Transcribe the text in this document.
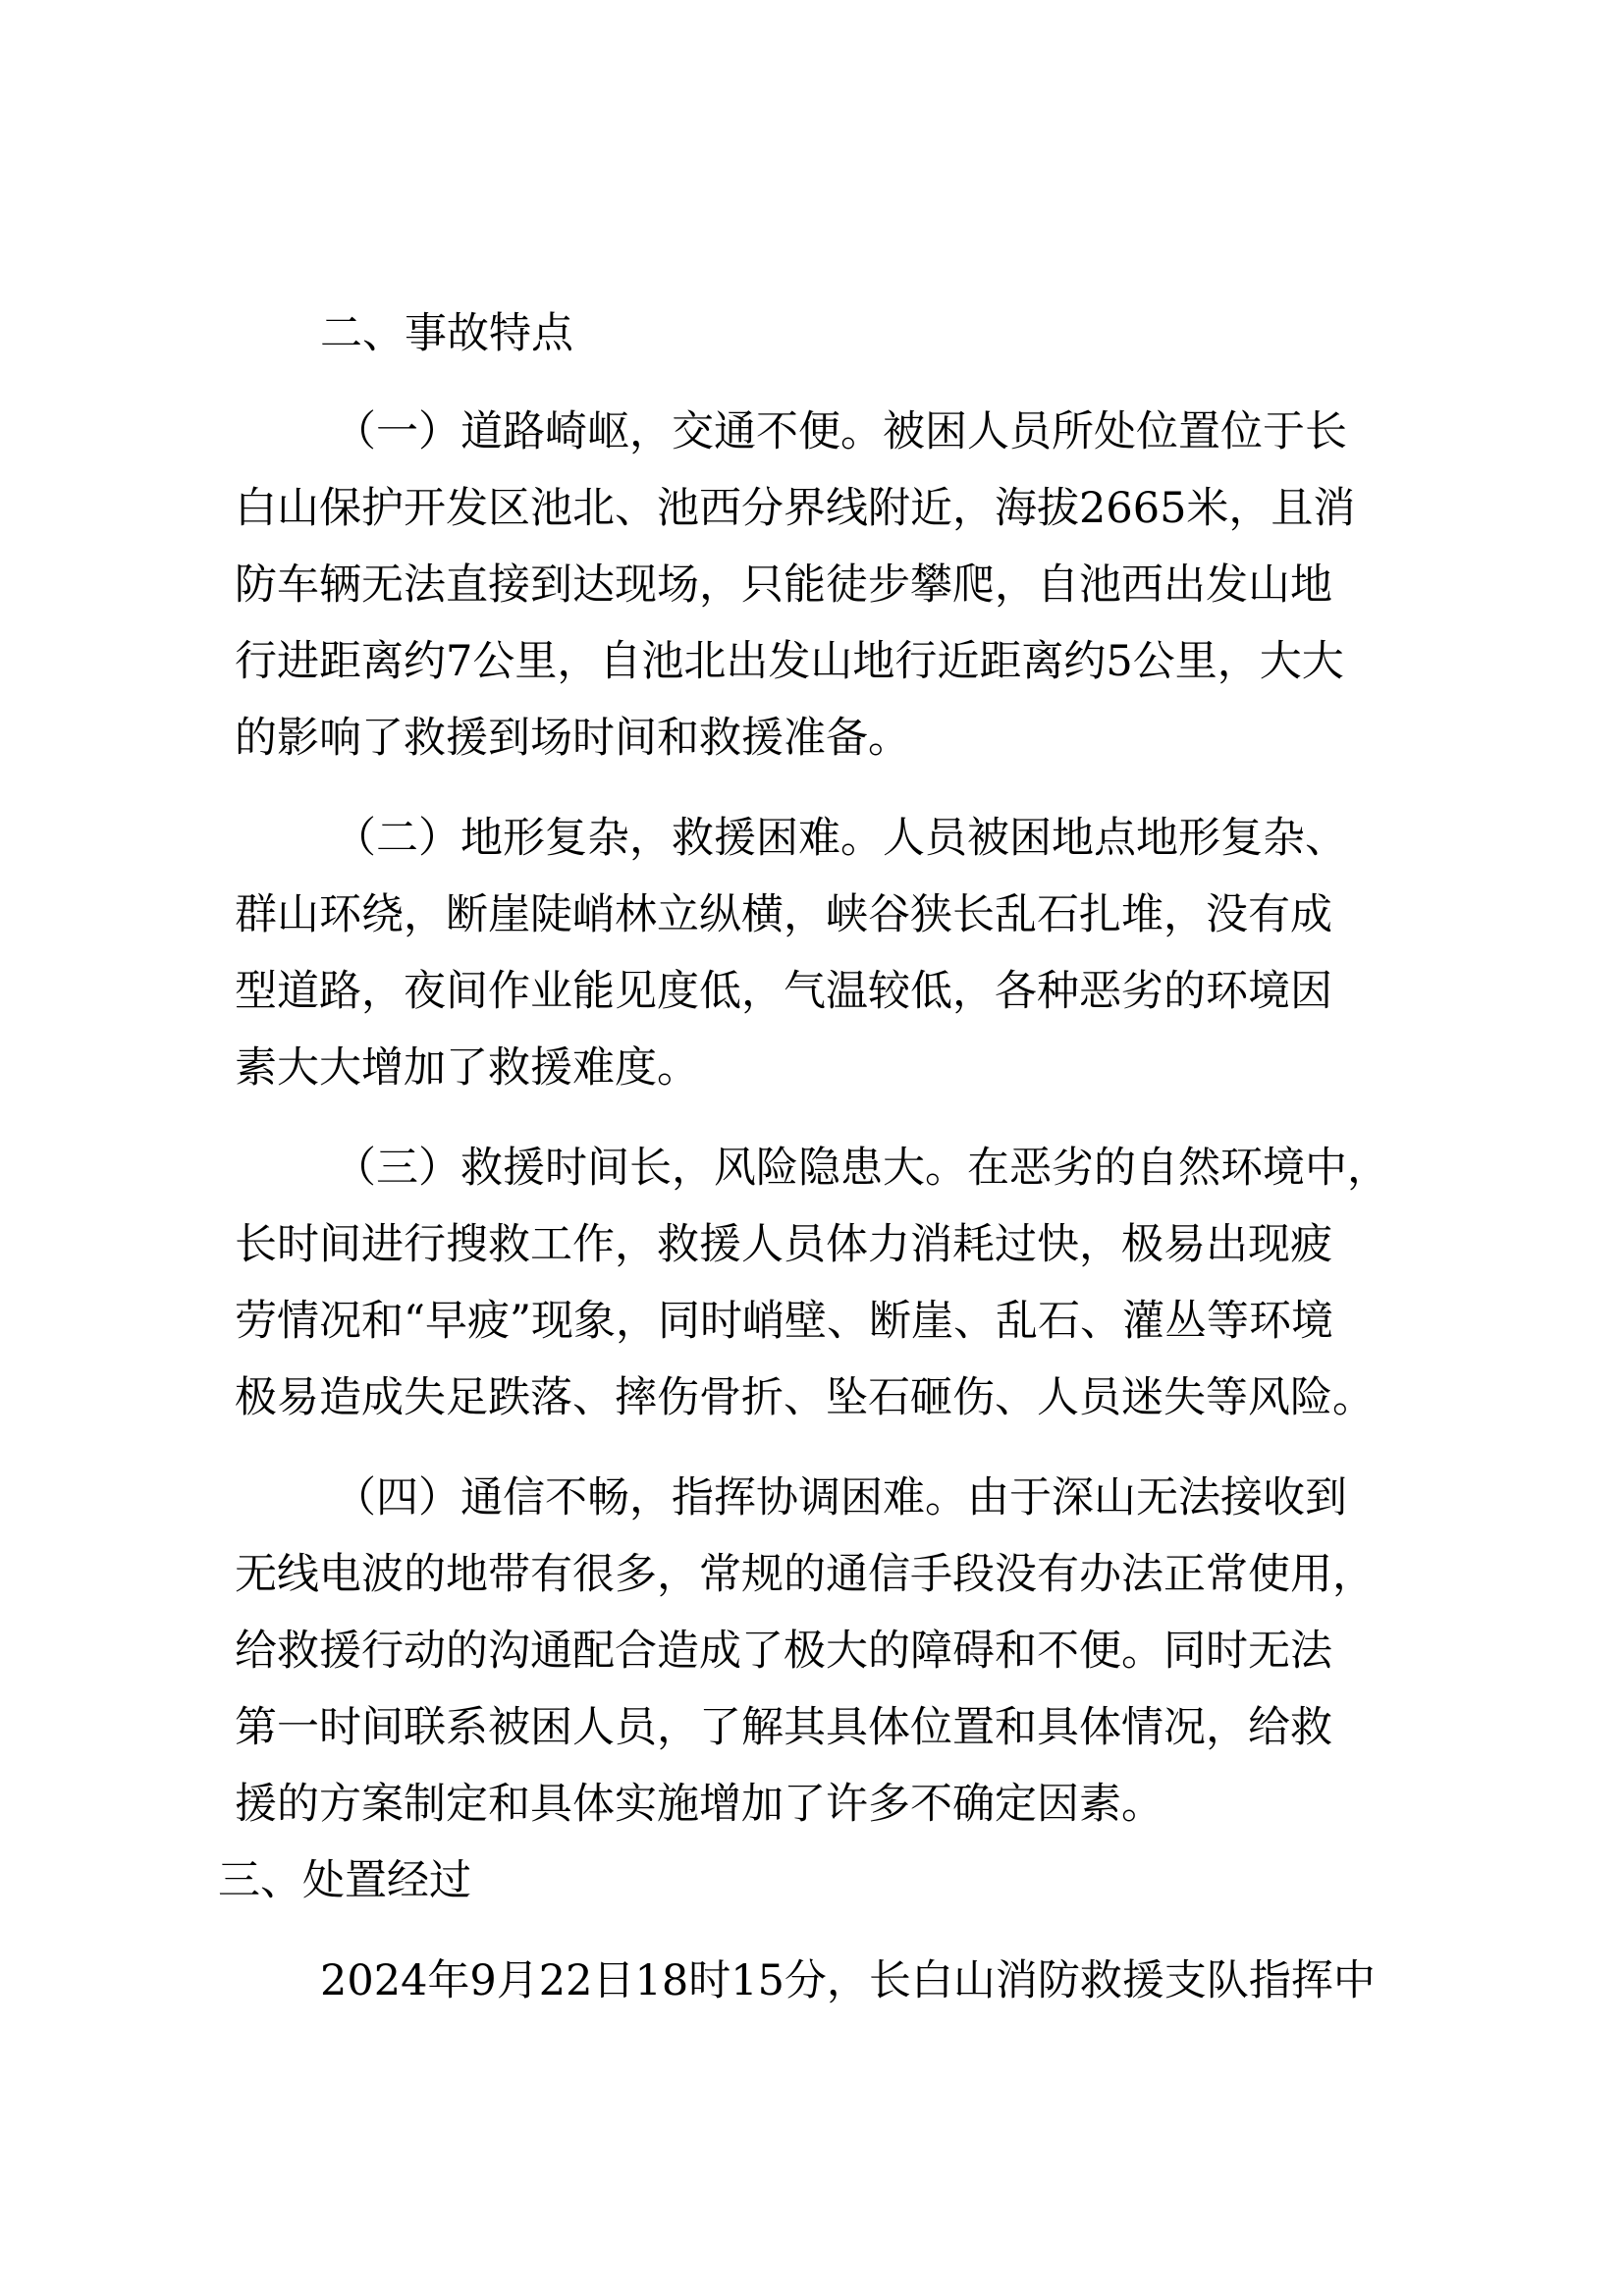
二、事故特点
（一）道路崎岖，交通不便。被困人员所处位置位于长
白山保护开发区池北、池西分界线附近，海拔2665米，且消
防车辆无法直接到达现场，只能徒步攀爬，自池西出发山地
行进距离约7公里，自池北出发山地行近距离约5公里，大大
的影响了救援到场时间和救援准备。
（二）地形复杂，救援困难。人员被困地点地形复杂、
群山环绕，断崖陡峭林立纵横，峡谷狭长乱石扎堆，没有成
型道路，夜间作业能见度低，气温较低，各种恶劣的环境因
素大大增加了救援难度。
（三）救援时间长，风险隐患大。在恶劣的自然环境中，
长时间进行搜救工作，救援人员体力消耗过快，极易出现疲
劳情况和“早疲”现象，同时峭壁、断崖、乱石、灌丛等环境
极易造成失足跌落、摔伤骨折、坠石砸伤、人员迷失等风险。
（四）通信不畅，指挥协调困难。由于深山无法接收到
无线电波的地带有很多，常规的通信手段没有办法正常使用，
给救援行动的沟通配合造成了极大的障碍和不便。同时无法
第一时间联系被困人员，了解其具体位置和具体情况，给救
援的方案制定和具体实施增加了许多不确定因素。
三、处置经过
2024年9月22日18时15分，长白山消防救援支队指挥中
